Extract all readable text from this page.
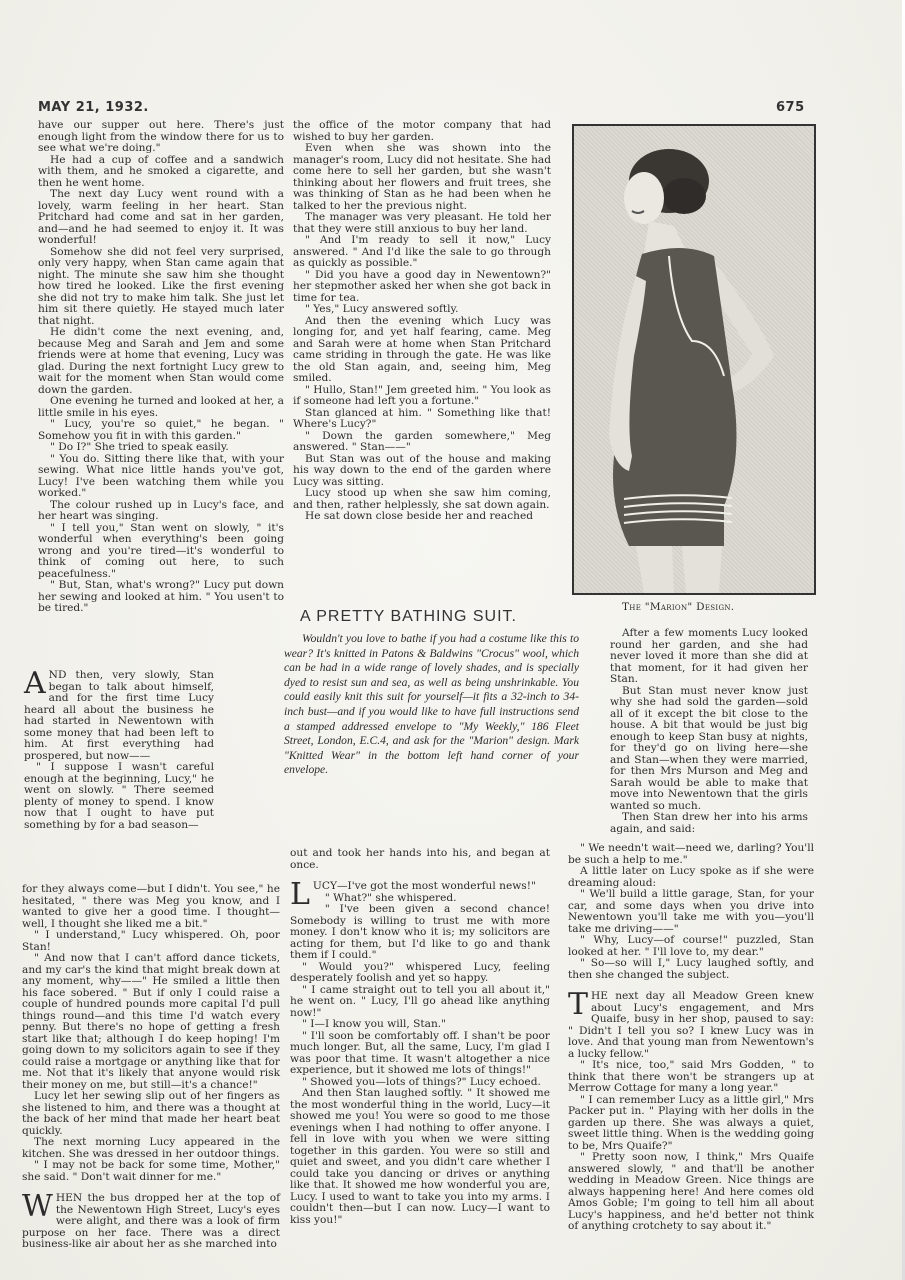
MAY 21, 1932.	675

have our supper out here. There's just enough light from the window there for us to see what we're doing."

He had a cup of coffee and a sandwich with them, and he smoked a cigarette, and then he went home.

The next day Lucy went round with a lovely, warm feeling in her heart. Stan Pritchard had come and sat in her garden, and—and he had seemed to enjoy it. It was wonderful!

Somehow she did not feel very surprised, only very happy, when Stan came again that night. The minute she saw him she thought how tired he looked. Like the first evening she did not try to make him talk. She just let him sit there quietly. He stayed much later that night.

He didn't come the next evening, and, because Meg and Sarah and Jem and some friends were at home that evening, Lucy was glad. During the next fortnight Lucy grew to wait for the moment when Stan would come down the garden.

One evening he turned and looked at her, a little smile in his eyes.

" Lucy, you're so quiet," he began. " Somehow you fit in with this garden."

" Do I?" She tried to speak easily.

" You do. Sitting there like that, with your sewing. What nice little hands you've got, Lucy! I've been watching them while you worked."

The colour rushed up in Lucy's face, and her heart was singing.

" I tell you," Stan went on slowly, " it's wonderful when everything's been going wrong and you're tired—it's wonderful to think of coming out here, to such peacefulness."

" But, Stan, what's wrong?" Lucy put down her sewing and looked at him. " You usen't to be tired."

AND then, very slowly, Stan began to talk about himself, and for the first time Lucy heard all about the business he had started in Newentown with some money that had been left to him. At first everything had prospered, but now——

" I suppose I wasn't careful enough at the beginning, Lucy," he went on slowly. " There seemed plenty of money to spend. I know now that I ought to have put something by for a bad season—

for they always come—but I didn't. You see," he hesitated, " there was Meg you know, and I wanted to give her a good time. I thought—well, I thought she liked me a bit."

" I understand," Lucy whispered. Oh, poor Stan!

" And now that I can't afford dance tickets, and my car's the kind that might break down at any moment, why——" He smiled a little then his face sobered. " But if only I could raise a couple of hundred pounds more capital I'd pull things round—and this time I'd watch every penny. But there's no hope of getting a fresh start like that; although I do keep hoping! I'm going down to my solicitors again to see if they could raise a mortgage or anything like that for me. Not that it's likely that anyone would risk their money on me, but still—it's a chance!"

Lucy let her sewing slip out of her fingers as she listened to him, and there was a thought at the back of her mind that made her heart beat quickly.

The next morning Lucy appeared in the kitchen. She was dressed in her outdoor things.

" I may not be back for some time, Mother," she said. " Don't wait dinner for me."

WHEN the bus dropped her at the top of the Newentown High Street, Lucy's eyes were alight, and there was a look of firm purpose on her face. There was a direct business-like air about her as she marched into

the office of the motor company that had wished to buy her garden.

Even when she was shown into the manager's room, Lucy did not hesitate. She had come here to sell her garden, but she wasn't thinking about her flowers and fruit trees, she was thinking of Stan as he had been when he talked to her the previous night.

The manager was very pleasant. He told her that they were still anxious to buy her land.

" And I'm ready to sell it now," Lucy answered. " And I'd like the sale to go through as quickly as possible."

" Did you have a good day in Newentown?" her stepmother asked her when she got back in time for tea.

" Yes," Lucy answered softly.

And then the evening which Lucy was longing for, and yet half fearing, came. Meg and Sarah were at home when Stan Pritchard came striding in through the gate. He was like the old Stan again, and, seeing him, Meg smiled.

" Hullo, Stan!" Jem greeted him. " You look as if someone had left you a fortune."

Stan glanced at him. " Something like that! Where's Lucy?"

" Down the garden somewhere," Meg answered. " Stan——"

But Stan was out of the house and making his way down to the end of the garden where Lucy was sitting.

Lucy stood up when she saw him coming, and then, rather helplessly, she sat down again.

He sat down close beside her and reached

A PRETTY BATHING SUIT.
Wouldn't you love to bathe if you had a costume like this to wear? It's knitted in Patons & Baldwins "Crocus" wool, which can be had in a wide range of lovely shades, and is specially dyed to resist sun and sea, as well as being unshrinkable. You could easily knit this suit for yourself—it fits a 32-inch to 34-inch bust—and if you would like to have full instructions send a stamped addressed envelope to "My Weekly," 186 Fleet Street, London, E.C.4, and ask for the "Marion" design. Mark "Knitted Wear" in the bottom left hand corner of your envelope.

out and took her hands into his, and began at once.

LUCY—I've got the most wonderful news!"

" What?" she whispered.

" I've been given a second chance! Somebody is willing to trust me with more money. I don't know who it is; my solicitors are acting for them, but I'd like to go and thank them if I could."

" Would you?" whispered Lucy, feeling desperately foolish and yet so happy.

" I came straight out to tell you all about it," he went on. " Lucy, I'll go ahead like anything now!"

" I—I know you will, Stan."

" I'll soon be comfortably off. I shan't be poor much longer. But, all the same, Lucy, I'm glad I was poor that time. It wasn't altogether a nice experience, but it showed me lots of things!"

" Showed you—lots of things?" Lucy echoed.

And then Stan laughed softly. " It showed me the most wonderful thing in the world, Lucy—it showed me you! You were so good to me those evenings when I had nothing to offer anyone. I fell in love with you when we were sitting together in this garden. You were so still and quiet and sweet, and you didn't care whether I could take you dancing or drives or anything like that. It showed me how wonderful you are, Lucy. I used to want to take you into my arms. I couldn't then—but I can now. Lucy—I want to kiss you!"

The "Marion" Design.

After a few moments Lucy looked round her garden, and she had never loved it more than she did at that moment, for it had given her Stan.

But Stan must never know just why she had sold the garden—sold all of it except the bit close to the house. A bit that would be just big enough to keep Stan busy at nights, for they'd go on living here—she and Stan—when they were married, for then Mrs Murson and Meg and Sarah would be able to make that move into Newentown that the girls wanted so much.

Then Stan drew her into his arms again, and said:

" We needn't wait—need we, darling? You'll be such a help to me."

A little later on Lucy spoke as if she were dreaming aloud:

" We'll build a little garage, Stan, for your car, and some days when you drive into Newentown you'll take me with you—you'll take me driving——"

" Why, Lucy—of course!" puzzled, Stan looked at her. " I'll love to, my dear."

" So—so will I," Lucy laughed softly, and then she changed the subject.

THE next day all Meadow Green knew about Lucy's engagement, and Mrs Quaife, busy in her shop, paused to say: " Didn't I tell you so? I knew Lucy was in love. And that young man from Newentown's a lucky fellow."

" It's nice, too," said Mrs Godden, " to think that there won't be strangers up at Merrow Cottage for many a long year."

" I can remember Lucy as a little girl," Mrs Packer put in. " Playing with her dolls in the garden up there. She was always a quiet, sweet little thing. When is the wedding going to be, Mrs Quaife?"

" Pretty soon now, I think," Mrs Quaife answered slowly, " and that'll be another wedding in Meadow Green. Nice things are always happening here! And here comes old Amos Goble; I'm going to tell him all about Lucy's happiness, and he'd better not think of anything crotchety to say about it."
